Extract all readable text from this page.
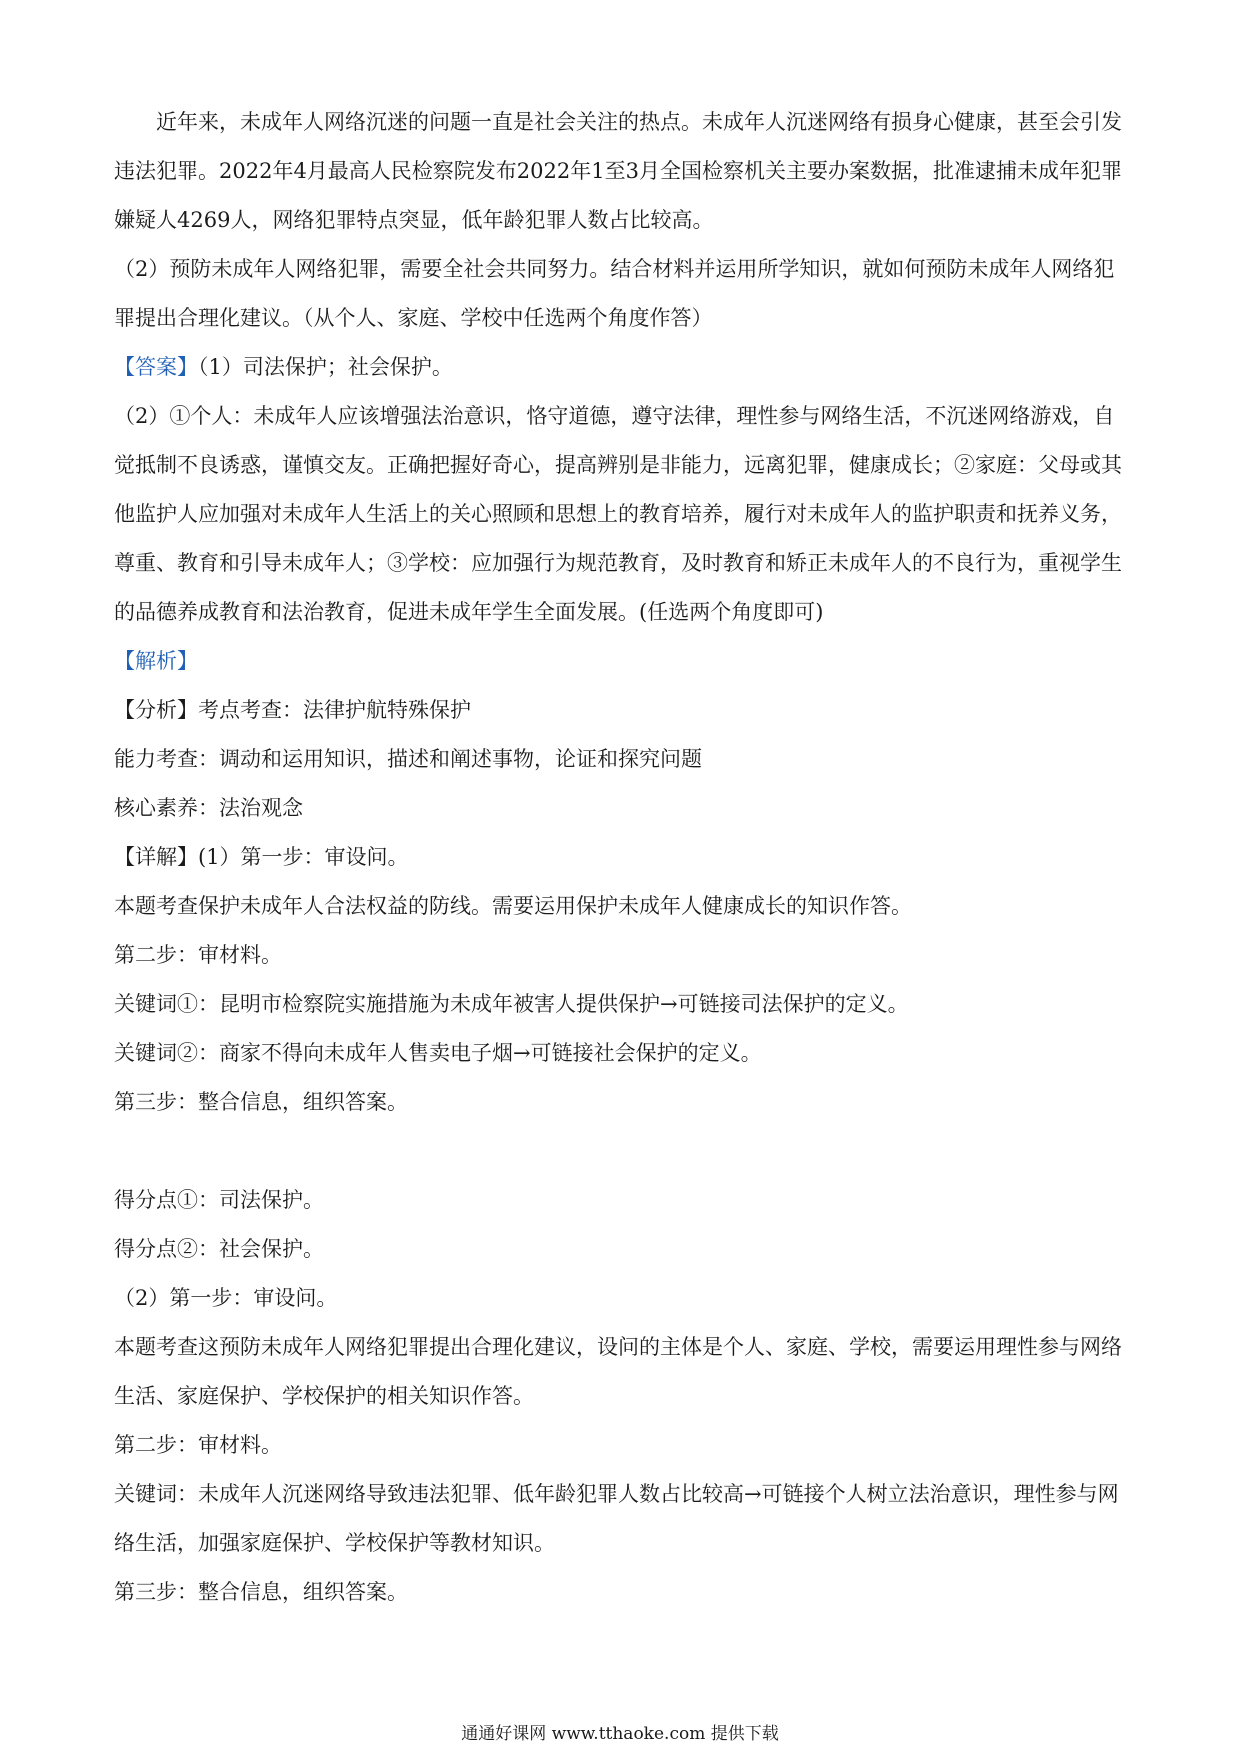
近年来，未成年人网络沉迷的问题一直是社会关注的热点。未成年人沉迷网络有损身心健康，甚至会引发违法犯罪。2022年4月最高人民检察院发布2022年1至3月全国检察机关主要办案数据，批准逮捕未成年犯罪嫌疑人4269人，网络犯罪特点突显，低年龄犯罪人数占比较高。

（2）预防未成年人网络犯罪，需要全社会共同努力。结合材料并运用所学知识，就如何预防未成年人网络犯罪提出合理化建议。（从个人、家庭、学校中任选两个角度作答）

【答案】（1）司法保护；社会保护。

（2）①个人：未成年人应该增强法治意识，恪守道德，遵守法律，理性参与网络生活，不沉迷网络游戏，自觉抵制不良诱惑，谨慎交友。正确把握好奇心，提高辨别是非能力，远离犯罪，健康成长；②家庭：父母或其他监护人应加强对未成年人生活上的关心照顾和思想上的教育培养，履行对未成年人的监护职责和抚养义务，尊重、教育和引导未成年人；③学校：应加强行为规范教育，及时教育和矫正未成年人的不良行为，重视学生的品德养成教育和法治教育，促进未成年学生全面发展。(任选两个角度即可)

【解析】

【分析】考点考查：法律护航特殊保护

能力考查：调动和运用知识，描述和阐述事物，论证和探究问题

核心素养：法治观念

【详解】(1）第一步：审设问。

本题考查保护未成年人合法权益的防线。需要运用保护未成年人健康成长的知识作答。

第二步：审材料。

关键词①：昆明市检察院实施措施为未成年被害人提供保护→可链接司法保护的定义。

关键词②：商家不得向未成年人售卖电子烟→可链接社会保护的定义。

第三步：整合信息，组织答案。

得分点①：司法保护。

得分点②：社会保护。

（2）第一步：审设问。

本题考查这预防未成年人网络犯罪提出合理化建议，设问的主体是个人、家庭、学校，需要运用理性参与网络生活、家庭保护、学校保护的相关知识作答。

第二步：审材料。

关键词：未成年人沉迷网络导致违法犯罪、低年龄犯罪人数占比较高→可链接个人树立法治意识，理性参与网络生活，加强家庭保护、学校保护等教材知识。

第三步：整合信息，组织答案。

通通好课网 www.tthaoke.com 提供下载
